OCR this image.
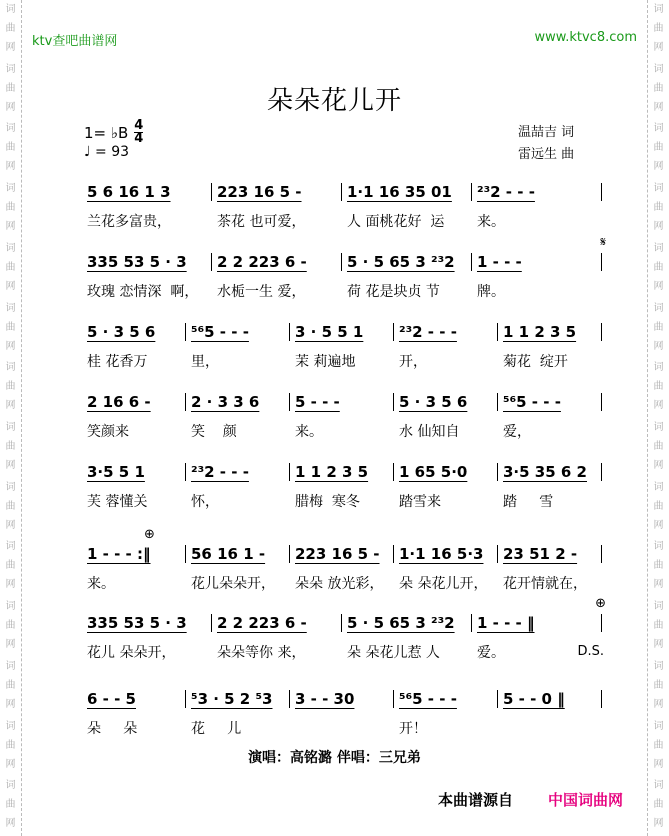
词
曲
网
词
曲
网
词
曲
网
词
曲
网
词
曲
网
词
曲
网
词
曲
网
词
曲
网
词
曲
网
词
曲
网
词
曲
网
词
曲
网
词
曲
网
词
曲
网
词
曲
网
词
曲
网
词
曲
网
词
曲
网
词
曲
网
词
曲
网
词
曲
网
词
曲
网
词
曲
网
词
曲
网
词
曲
网
词
曲
网
词
曲
网
词
曲
网
ktv查吧曲谱网	www.ktvc8.com
朵朵花儿开
1= ♭B $\frac{4}{4}$
♩ = 93
温喆吉 词
雷远生 曲
5 6 16 1 3	223 16 5 -	1·1 16 35 01	²³2 - - -
兰花多富贵，	茶花 也可爱，	人 面桃花好  运	来。
335 53 5 · 3	2 2 223 6 -	5 · 5 65 3 ²³2	1 - - -
玫瑰 恋情深  啊，	水栀一生 爱，	荷 花是块贞 节	牌。
𝄋
5 · 3 5 6	⁵⁶5 - - -	3 · 5 5 1	²³2 - - -	1 1 2 3 5
桂 花香万	里，	茉 莉遍地	开，	菊花  绽开
2 16 6 -	2 · 3 3 6	5 - - -	5 · 3 5 6	⁵⁶5 - - -
笑颜来	笑    颜	来。	水 仙知自	爱，
3·5 5 1	²³2 - - -	1 1 2 3 5	1 65 5·0	3·5 35 6 2
芙 蓉懂关	怀，	腊梅  寒冬	踏雪来	踏     雪
1 - - - :‖	56 16 1 -	223 16 5 -	1·1 16 5·3	23 51 2 -
来。	花儿朵朵开，	朵朵 放光彩，	朵 朵花儿开，	花开情就在，
⊕
335 53 5 · 3	2 2 223 6 -	5 · 5 65 3 ²³2	1 - - - ‖
花儿 朵朵开，	朵朵等你 来，	朵 朵花儿惹 人	爱。
⊕
D.S.
6 - - 5	⁵3 · 5 2 ⁵3	3 - - 30	⁵⁶5 - - -	5 - - 0 ‖
朵     朵	花     儿	开！
演唱：高铭潞 伴唱：三兄弟
本曲谱源自 中国词曲网
